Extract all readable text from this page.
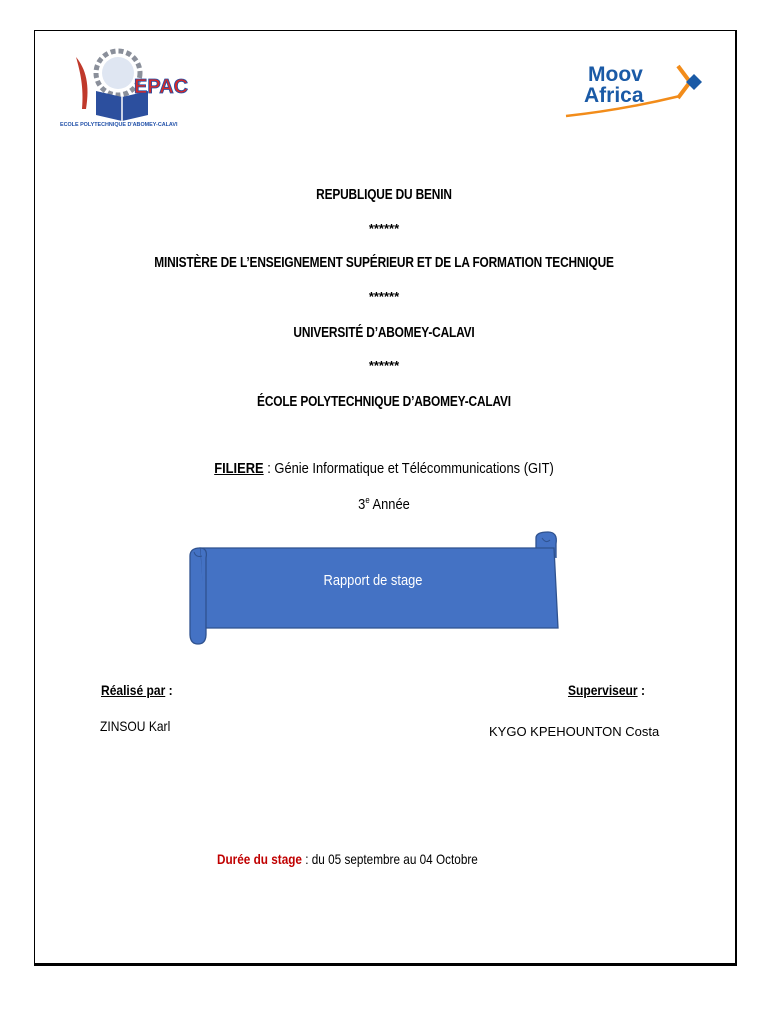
EPAC
ECOLE POLYTECHNIQUE D'ABOMEY-CALAVI
Moov
Africa
REPUBLIQUE DU BENIN
******
MINISTÈRE DE L’ENSEIGNEMENT SUPÉRIEUR ET DE LA FORMATION TECHNIQUE
******
UNIVERSITÉ D’ABOMEY-CALAVI
******
ÉCOLE POLYTECHNIQUE D’ABOMEY-CALAVI
FILIERE : Génie Informatique et Télécommunications (GIT)
3e Année
Rapport de stage
Réalisé par :
ZINSOU Karl
Superviseur :
KYGO KPEHOUNTON Costa
Durée du stage : du 05 septembre au 04 Octobre
